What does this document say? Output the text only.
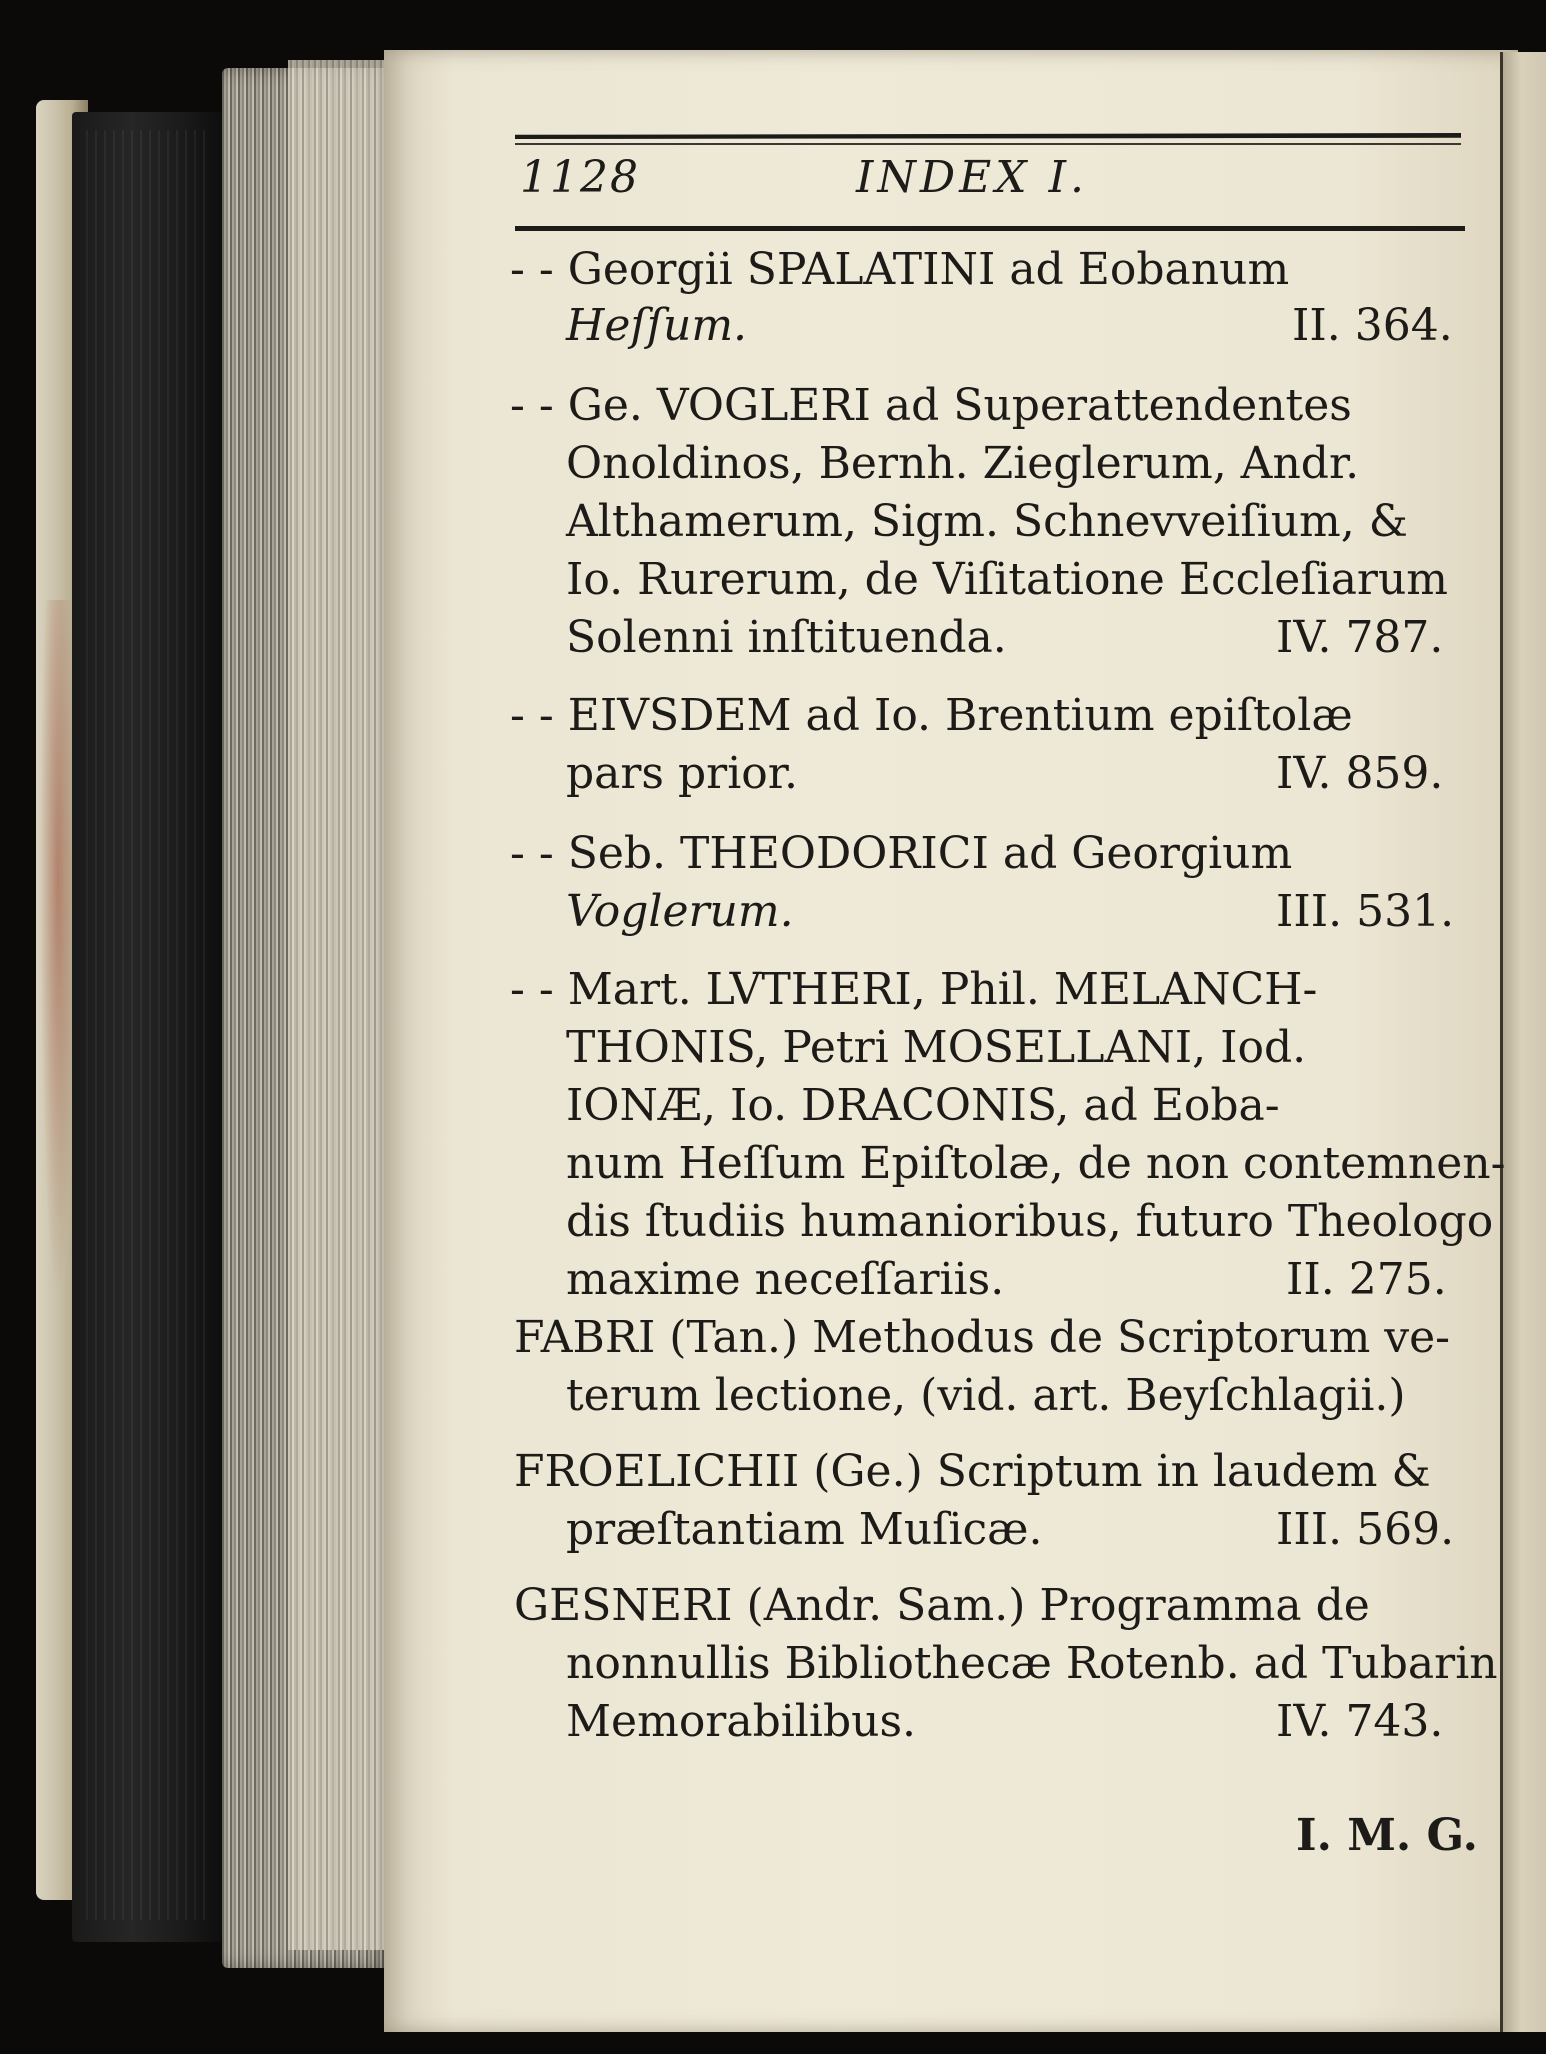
1128	INDEX I.
- - Georgii SPALATINI ad Eobanum
Heſſum.	II. 364.
- - Ge. VOGLERI ad Superattendentes
Onoldinos, Bernh. Zieglerum, Andr.
Althamerum, Sigm. Schnevveiſium, &
Io. Rurerum, de Viſitatione Eccleſiarum
Solenni inſtituenda.	IV. 787.
- - EIVSDEM ad Io. Brentium epiſtolæ
pars prior.	IV. 859.
- - Seb. THEODORICI ad Georgium
Voglerum.	III. 531.
- - Mart. LVTHERI, Phil. MELANCH-
THONIS, Petri MOSELLANI, Iod.
IONÆ, Io. DRACONIS, ad Eoba-
num Heſſum Epiſtolæ, de non contemnen-
dis ſtudiis humanioribus, futuro Theologo
maxime neceſſariis.	II. 275.
FABRI (Tan.) Methodus de Scriptorum ve-
terum lectione, (vid. art. Beyſchlagii.)
FROELICHII (Ge.) Scriptum in laudem &
præſtantiam Muſicæ.	III. 569.
GESNERI (Andr. Sam.) Programma de
nonnullis Bibliothecæ Rotenb. ad Tubarin
Memorabilibus.	IV. 743.
I. M. G.
